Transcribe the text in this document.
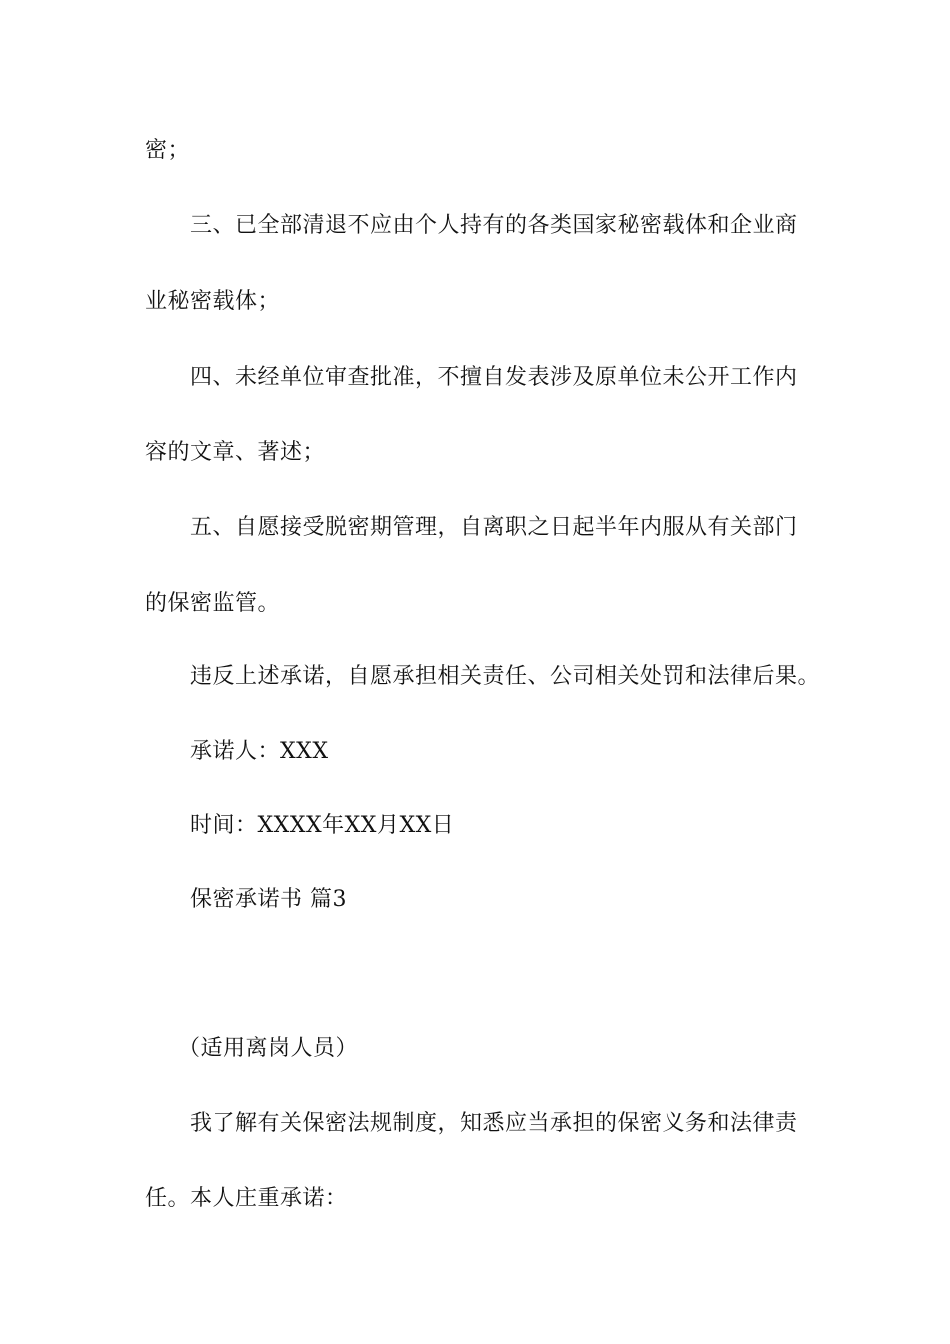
密；
三、已全部清退不应由个人持有的各类国家秘密载体和企业商
业秘密载体；
四、未经单位审查批准，不擅自发表涉及原单位未公开工作内
容的文章、著述；
五、自愿接受脱密期管理，自离职之日起半年内服从有关部门
的保密监管。
违反上述承诺，自愿承担相关责任、公司相关处罚和法律后果。
承诺人：XXX
时间：XXXX年XX月XX日
保密承诺书 篇3
（适用离岗人员）
我了解有关保密法规制度，知悉应当承担的保密义务和法律责
任。本人庄重承诺：
